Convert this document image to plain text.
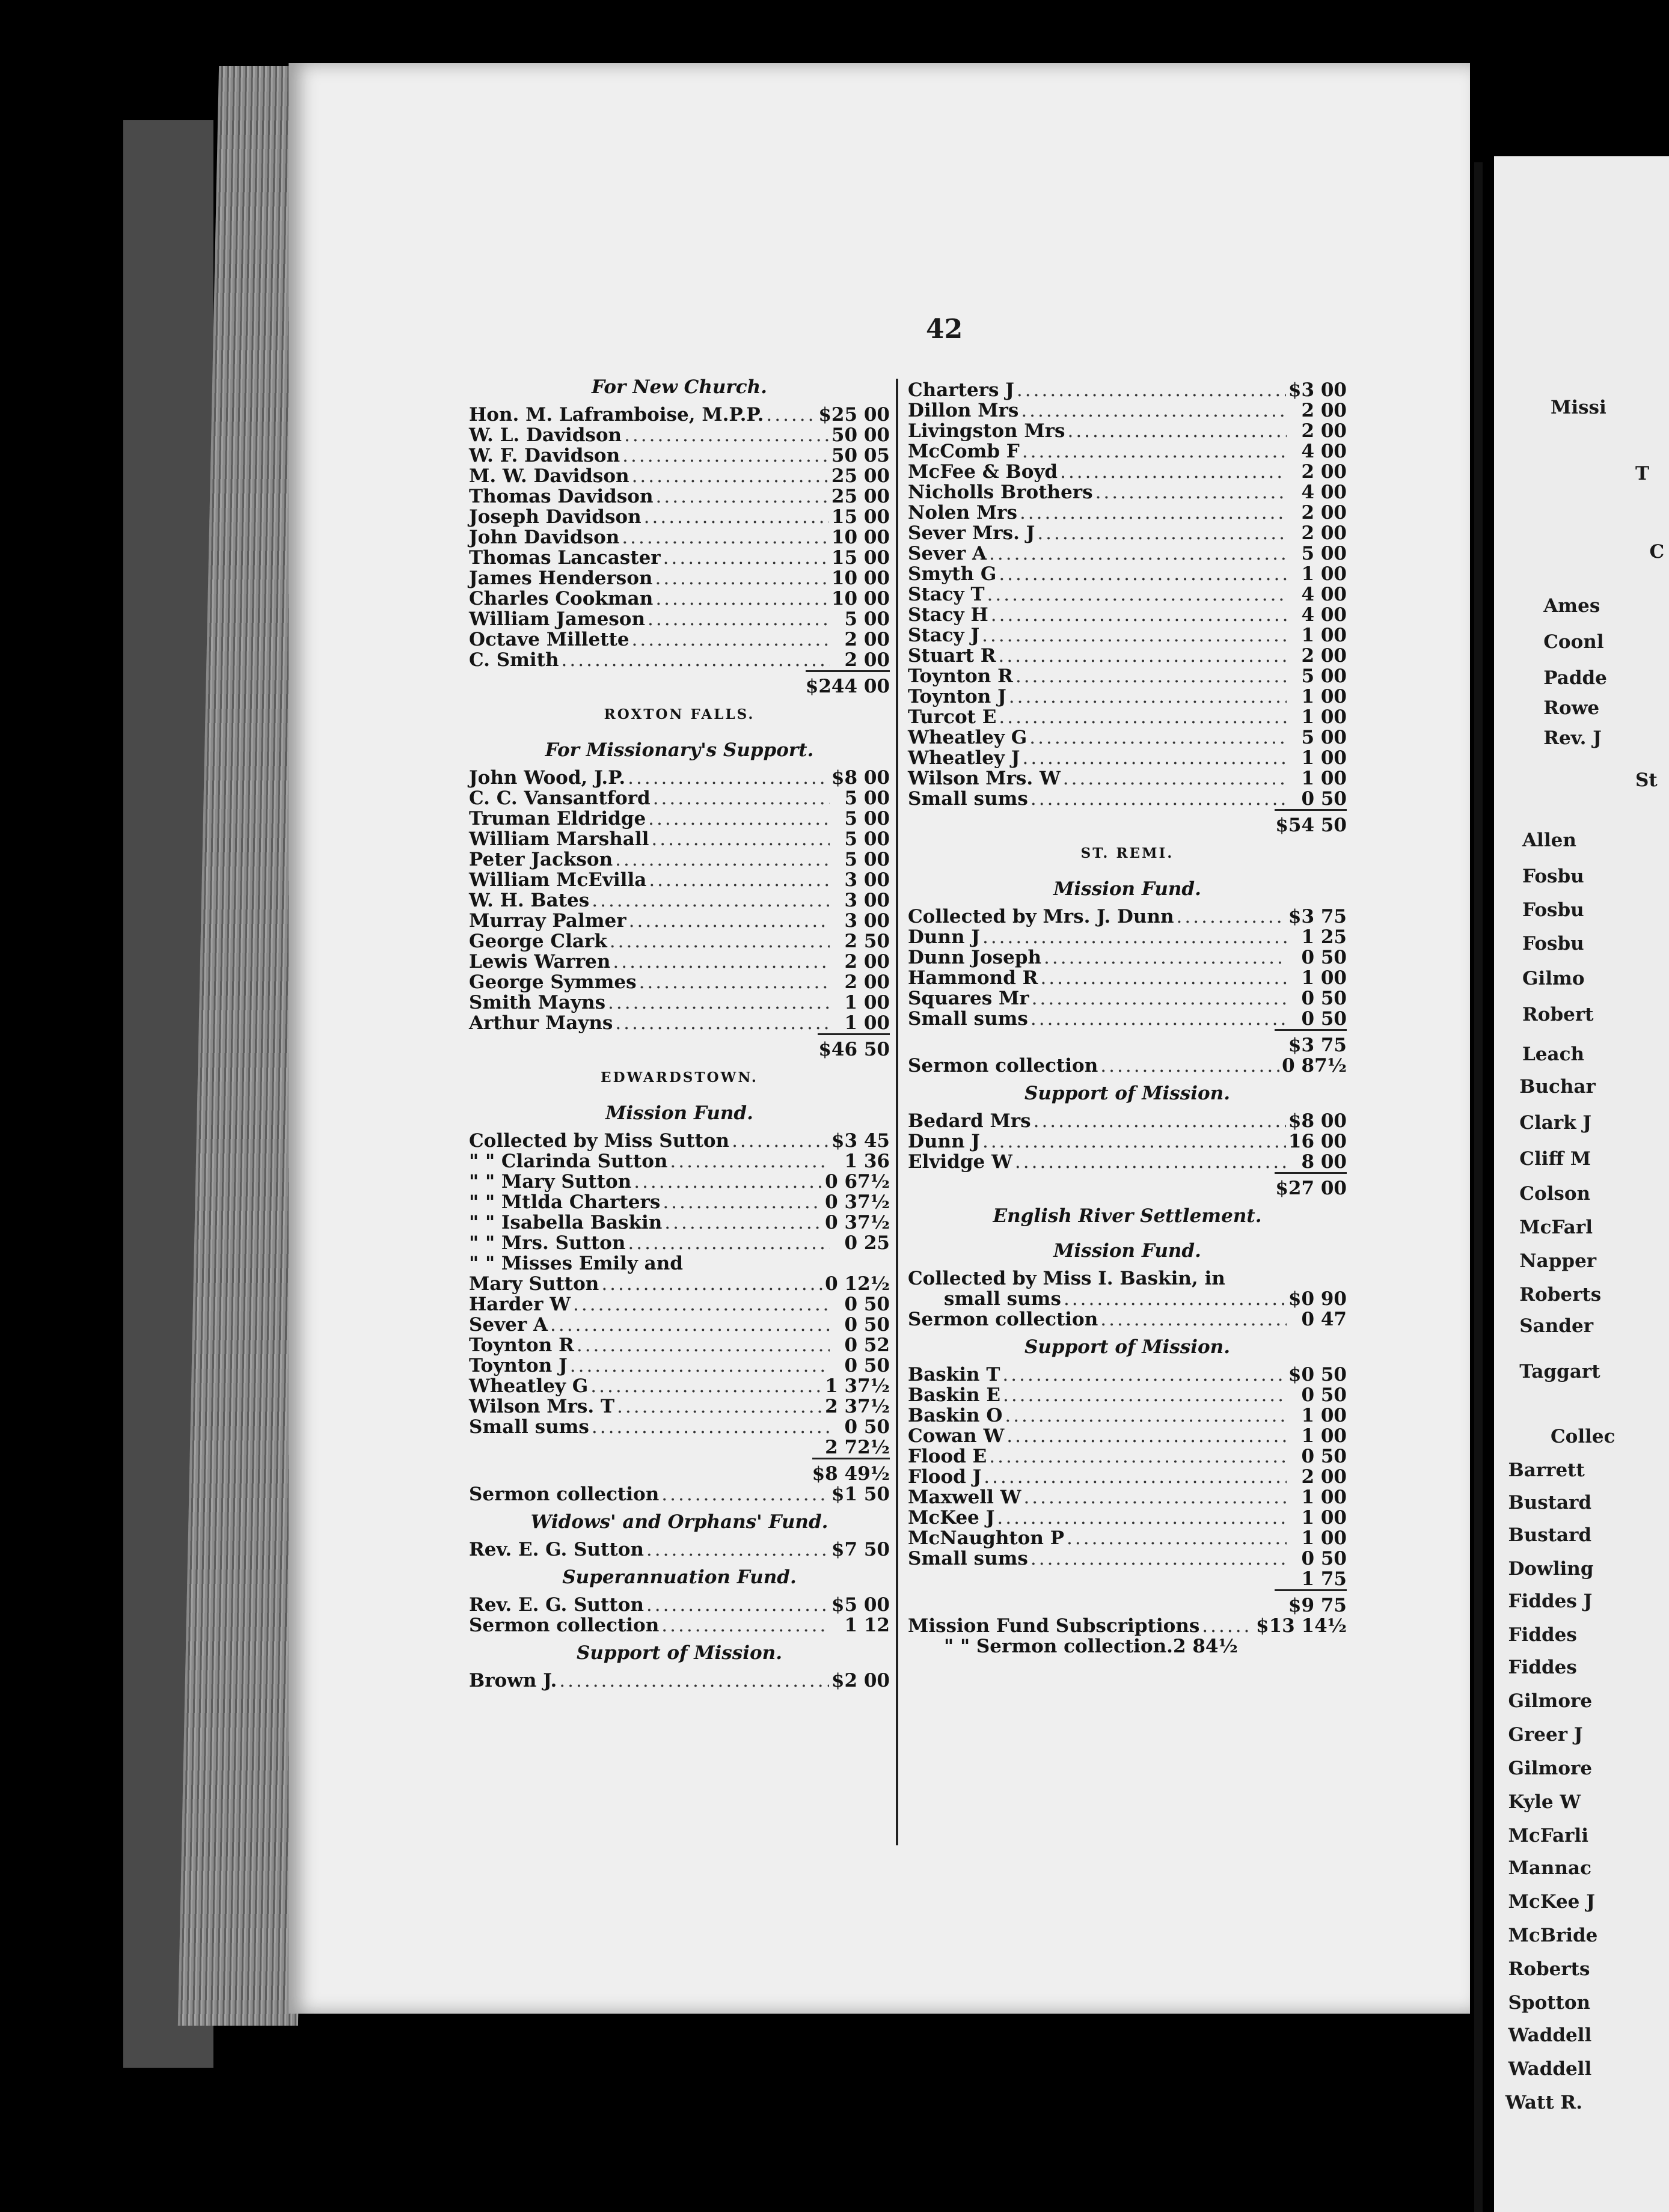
Missi
T
C
Ames
Coonl
Padde
Rowe
Rev. J
St
Allen
Fosbu
Fosbu
Fosbu
Gilmo
Robert
Leach
Buchar
Clark J
Cliff M
Colson
McFarl
Napper
Roberts
Sander
Taggart
Collec
Barrett
Bustard
Bustard
Dowling
Fiddes J
Fiddes
Fiddes
Gilmore
Greer J
Gilmore
Kyle W
McFarli
Mannac
McKee J
McBride
Roberts
Spotton
Waddell
Waddell
Watt R.
42
For New Church.
Hon. M. Laframboise, M.P.P. .....	$25 00
W. L. Davidson .....	50 00
W. F. Davidson .....	50 05
M. W. Davidson .....	25 00
Thomas Davidson .....	25 00
Joseph Davidson .....	15 00
John Davidson .....	10 00
Thomas Lancaster .....	15 00
James Henderson .....	10 00
Charles Cookman .....	10 00
William Jameson .....	5 00
Octave Millette .....	2 00
C. Smith .....	2 00
$244 00
ROXTON FALLS.
For Missionary's Support.
John Wood, J.P. .....	$8 00
C. C. Vansantford .....	5 00
Truman Eldridge .....	5 00
William Marshall .....	5 00
Peter Jackson .....	5 00
William McEvilla .....	3 00
W. H. Bates .....	3 00
Murray Palmer .....	3 00
George Clark .....	2 50
Lewis Warren .....	2 00
George Symmes .....	2 00
Smith Mayns .....	1 00
Arthur Mayns .....	1 00
$46 50
EDWARDSTOWN.
Mission Fund.
Collected by Miss Sutton .....	$3 45
" " Clarinda Sutton .....	1 36
" " Mary Sutton .....	0 67½
" " Mtlda Charters .....	0 37½
" " Isabella Baskin .....	0 37½
" " Mrs. Sutton .....	0 25
" " Misses Emily and
Mary Sutton .....	0 12½
Harder W .....	0 50
Sever A .....	0 50
Toynton R .....	0 52
Toynton J .....	0 50
Wheatley G .....	1 37½
Wilson Mrs. T .....	2 37½
Small sums .....	0 50
2 72½
$8 49½
Sermon collection .....	$1 50
Widows' and Orphans' Fund.
Rev. E. G. Sutton .....	$7 50
Superannuation Fund.
Rev. E. G. Sutton .....	$5 00
Sermon collection .....	1 12
Support of Mission.
Brown J. .....	$2 00
Charters J .....	$3 00
Dillon Mrs .....	2 00
Livingston Mrs .....	2 00
McComb F .....	4 00
McFee & Boyd .....	2 00
Nicholls Brothers .....	4 00
Nolen Mrs .....	2 00
Sever Mrs. J .....	2 00
Sever A .....	5 00
Smyth G .....	1 00
Stacy T .....	4 00
Stacy H .....	4 00
Stacy J .....	1 00
Stuart R .....	2 00
Toynton R .....	5 00
Toynton J .....	1 00
Turcot E .....	1 00
Wheatley G .....	5 00
Wheatley J .....	1 00
Wilson Mrs. W .....	1 00
Small sums .....	0 50
$54 50
ST. REMI.
Mission Fund.
Collected by Mrs. J. Dunn .....	$3 75
Dunn J .....	1 25
Dunn Joseph .....	0 50
Hammond R .....	1 00
Squares Mr .....	0 50
Small sums .....	0 50
$3 75
Sermon collection .....	0 87½
Support of Mission.
Bedard Mrs .....	$8 00
Dunn J .....	16 00
Elvidge W .....	8 00
$27 00
English River Settlement.
Mission Fund.
Collected by Miss I. Baskin, in
small sums .....	$0 90
Sermon collection .....	0 47
Support of Mission.
Baskin T .....	$0 50
Baskin E .....	0 50
Baskin O .....	1 00
Cowan W .....	1 00
Flood E .....	0 50
Flood J .....	2 00
Maxwell W .....	1 00
McKee J .....	1 00
McNaughton P .....	1 00
Small sums .....	0 50
1 75
$9 75
Mission Fund Subscriptions .....	$13 14½
" " Sermon collection. 2 84½
